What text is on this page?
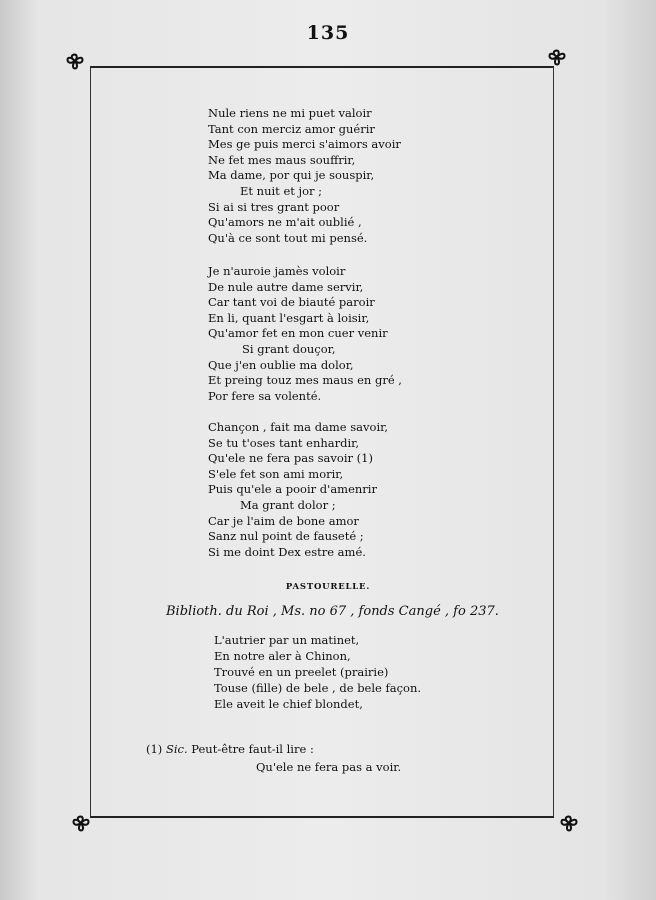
135
Nule riens ne mi puet valoir
Tant con merciz amor guérir
Mes ge puis merci s'aimors avoir
Ne fet mes maus souffrir,
Ma dame, por qui je souspir,
Et nuit et jor ;
Si ai si tres grant poor
Qu'amors ne m'ait oublié ,
Qu'à ce sont tout mi pensé.
Je n'auroie jamès voloir
De nule autre dame servir,
Car tant voi de biauté paroir
En li, quant l'esgart à loisir,
Qu'amor fet en mon cuer venir
Si grant douçor,
Que j'en oublie ma dolor,
Et preing touz mes maus en gré ,
Por fere sa volenté.
Chançon , fait ma dame savoir,
Se tu t'oses tant enhardir,
Qu'ele ne fera pas savoir (1)
S'ele fet son ami morir,
Puis qu'ele a pooir d'amenrir
Ma grant dolor ;
Car je l'aim de bone amor
Sanz nul point de fauseté ;
Si me doint Dex estre amé.
PASTOURELLE.
Biblioth. du Roi , Ms. no 67 , fonds Cangé , fo 237.
L'autrier par un matinet,
En notre aler à Chinon,
Trouvé en un preelet (prairie)
Touse (fille) de bele , de bele façon.
Ele aveit le chief blondet,
(1) Sic. Peut-être faut-il lire :
Qu'ele ne fera pas a voir.
